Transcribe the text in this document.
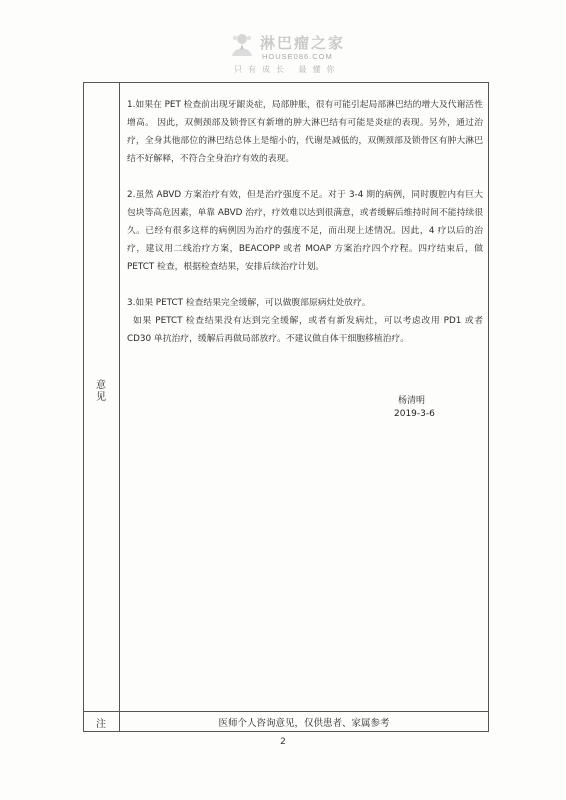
淋巴瘤之家
HOUSE086.COM
只有成长 最懂你
意见

1.如果在 PET 检查前出现牙龈炎症，局部肿胀，很有可能引起局部淋巴结的增大及代谢活性增高。 因此，双侧颈部及锁骨区有新增的肿大淋巴结有可能是炎症的表现。另外，通过治疗，全身其他部位的淋巴结总体上是缩小的，代谢是减低的，双侧颈部及锁骨区有肿大淋巴结不好解释，不符合全身治疗有效的表现。

2.虽然 ABVD 方案治疗有效，但是治疗强度不足。对于 3-4 期的病例，同时腹腔内有巨大包块等高危因素，单靠 ABVD 治疗，疗效难以达到很满意，或者缓解后维持时间不能持续很久。已经有很多这样的病例因为治疗的强度不足，而出现上述情况。因此，4 疗以后的治疗，建议用二线治疗方案，BEACOPP 或者 MOAP 方案治疗四个疗程。四疗结束后，做 PETCT 检查，根据检查结果，安排后续治疗计划。

3.如果 PETCT 检查结果完全缓解，可以做腹部原病灶处放疗。

如果 PETCT 检查结果没有达到完全缓解，或者有新发病灶，可以考虑改用 PD1 或者 CD30 单抗治疗，缓解后再做局部放疗。不建议做自体干细胞移植治疗。

杨清明
2019-3-6
注	医师个人咨询意见，仅供患者、家属参考
2
